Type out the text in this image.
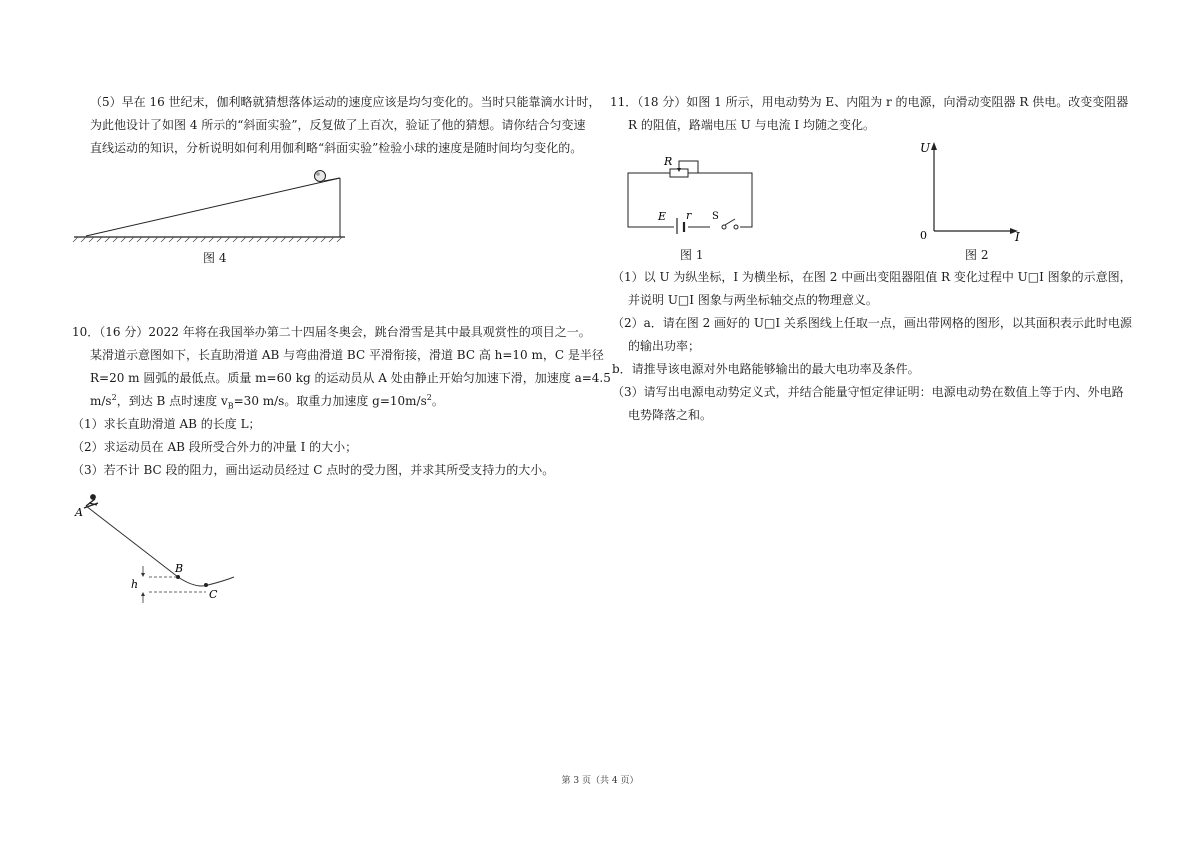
（5）早在 16 世纪末，伽利略就猜想落体运动的速度应该是均匀变化的。当时只能靠滴水计时，

为此他设计了如图 4 所示的“斜面实验”，反复做了上百次，验证了他的猜想。请你结合匀变速

直线运动的知识，分析说明如何利用伽利略“斜面实验”检验小球的速度是随时间均匀变化的。

图 4

10．（16 分）2022 年将在我国举办第二十四届冬奥会，跳台滑雪是其中最具观赏性的项目之一。

某滑道示意图如下，长直助滑道 AB 与弯曲滑道 BC 平滑衔接，滑道 BC 高 h=10 m，C 是半径

R=20 m 圆弧的最低点。质量 m=60 kg 的运动员从 A 处由静止开始匀加速下滑，加速度 a=4.5

$m/s^2$，到达 B 点时速度 $v_B=30$ m/s。取重力加速度 $g=10m/s^2$。

（1）求长直助滑道 AB 的长度 L；

（2）求运动员在 AB 段所受合外力的冲量 I 的大小；

（3）若不计 BC 段的阻力，画出运动员经过 C 点时的受力图，并求其所受支持力的大小。

A
B
C
h

11．（18 分）如图 1 所示，用电动势为 E、内阻为 r 的电源，向滑动变阻器 R 供电。改变变阻器

R 的阻值，路端电压 U 与电流 I 均随之变化。

R
E r S
图 1
U
I
0
图 2

（1）以 U 为纵坐标，I 为横坐标，在图 2 中画出变阻器阻值 R 变化过程中 U□I 图象的示意图，

并说明 U□I 图象与两坐标轴交点的物理意义。

（2）a．请在图 2 画好的 U□I 关系图线上任取一点，画出带网格的图形，以其面积表示此时电源

的输出功率；

b．请推导该电源对外电路能够输出的最大电功率及条件。

（3）请写出电源电动势定义式，并结合能量守恒定律证明：电源电动势在数值上等于内、外电路

电势降落之和。

第 3 页（共 4 页）
